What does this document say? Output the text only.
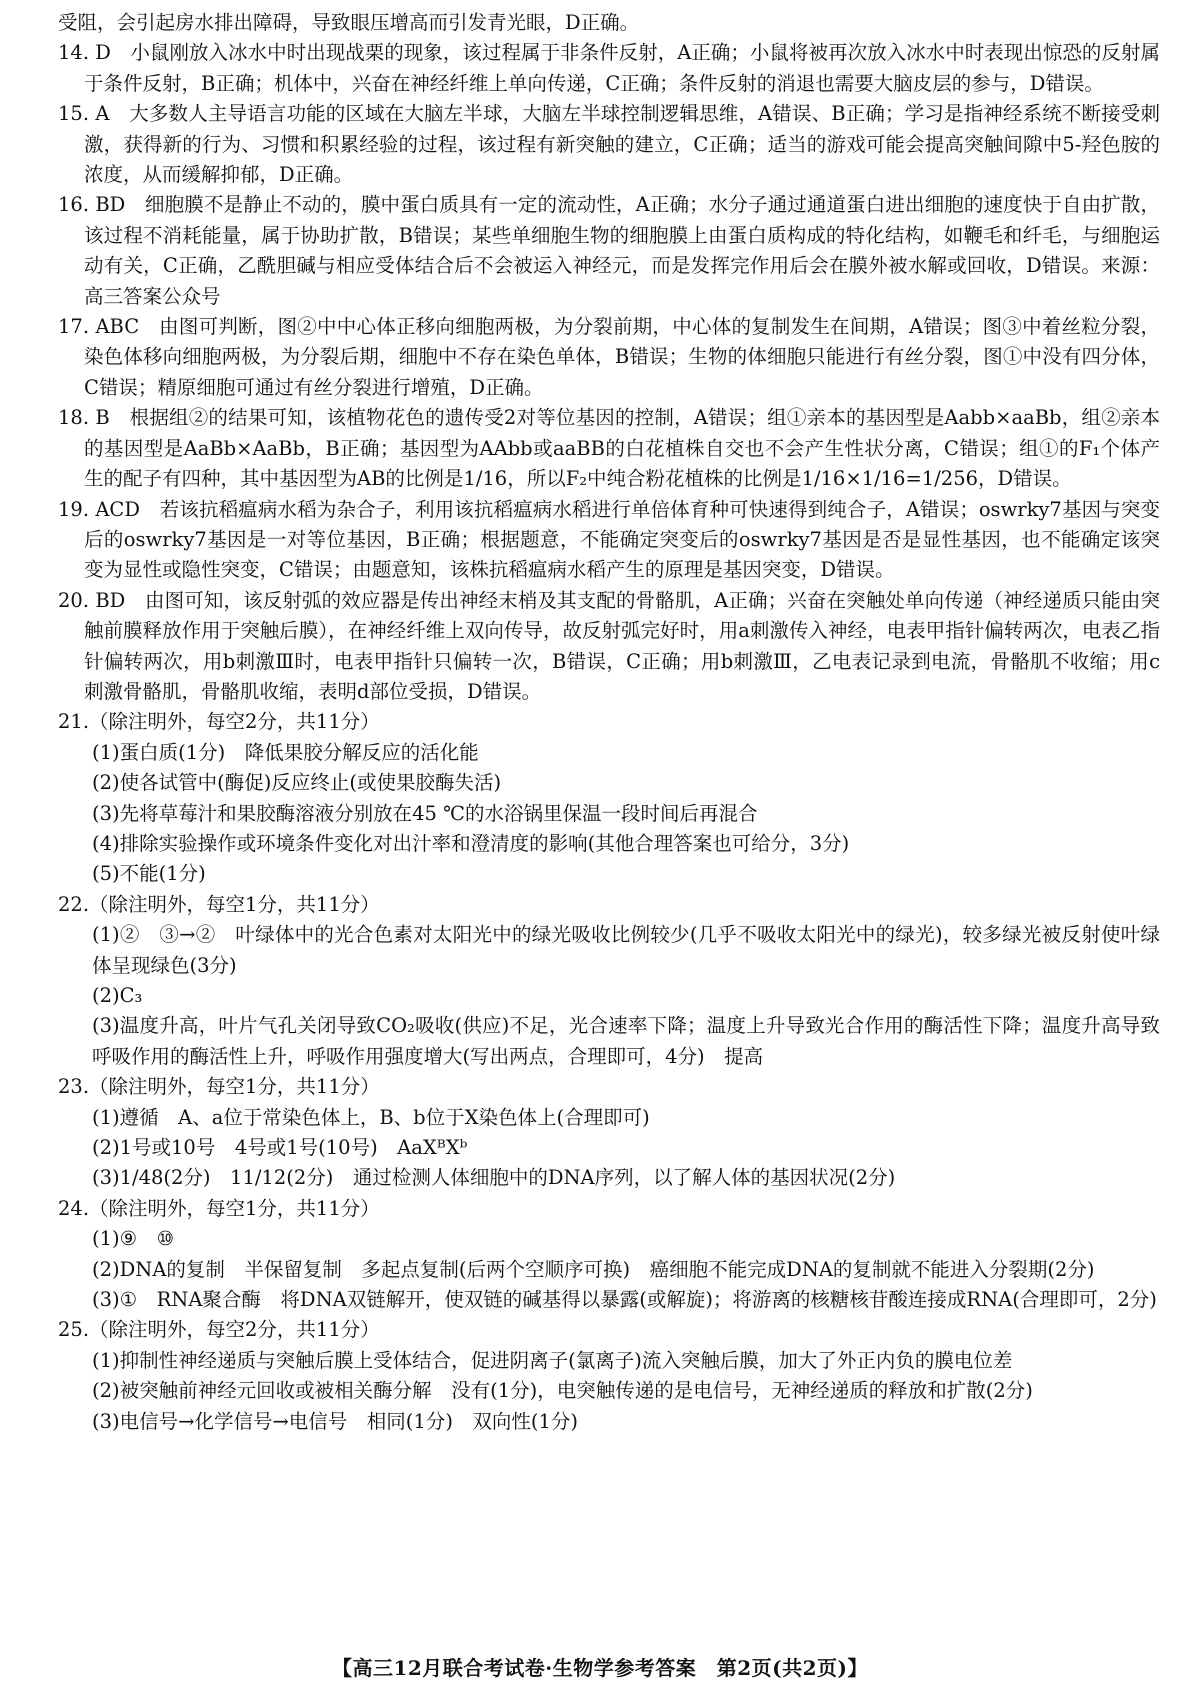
受阻，会引起房水排出障碍，导致眼压增高而引发青光眼，D正确。

14. D　小鼠刚放入冰水中时出现战栗的现象，该过程属于非条件反射，A正确；小鼠将被再次放入冰水中时表现出惊恐的反射属于条件反射，B正确；机体中，兴奋在神经纤维上单向传递，C正确；条件反射的消退也需要大脑皮层的参与，D错误。

15. A　大多数人主导语言功能的区域在大脑左半球，大脑左半球控制逻辑思维，A错误、B正确；学习是指神经系统不断接受刺激，获得新的行为、习惯和积累经验的过程，该过程有新突触的建立，C正确；适当的游戏可能会提高突触间隙中5-羟色胺的浓度，从而缓解抑郁，D正确。

16. BD　细胞膜不是静止不动的，膜中蛋白质具有一定的流动性，A正确；水分子通过通道蛋白进出细胞的速度快于自由扩散，该过程不消耗能量，属于协助扩散，B错误；某些单细胞生物的细胞膜上由蛋白质构成的特化结构，如鞭毛和纤毛，与细胞运动有关，C正确，乙酰胆碱与相应受体结合后不会被运入神经元，而是发挥完作用后会在膜外被水解或回收，D错误。来源：高三答案公众号

17. ABC　由图可判断，图②中中心体正移向细胞两极，为分裂前期，中心体的复制发生在间期，A错误；图③中着丝粒分裂，染色体移向细胞两极，为分裂后期，细胞中不存在染色单体，B错误；生物的体细胞只能进行有丝分裂，图①中没有四分体，C错误；精原细胞可通过有丝分裂进行增殖，D正确。

18. B　根据组②的结果可知，该植物花色的遗传受2对等位基因的控制，A错误；组①亲本的基因型是Aabb×aaBb，组②亲本的基因型是AaBb×AaBb，B正确；基因型为AAbb或aaBB的白花植株自交也不会产生性状分离，C错误；组①的F₁个体产生的配子有四种，其中基因型为AB的比例是1/16，所以F₂中纯合粉花植株的比例是1/16×1/16=1/256，D错误。

19. ACD　若该抗稻瘟病水稻为杂合子，利用该抗稻瘟病水稻进行单倍体育种可快速得到纯合子，A错误；oswrky7基因与突变后的oswrky7基因是一对等位基因，B正确；根据题意，不能确定突变后的oswrky7基因是否是显性基因，也不能确定该突变为显性或隐性突变，C错误；由题意知，该株抗稻瘟病水稻产生的原理是基因突变，D错误。

20. BD　由图可知，该反射弧的效应器是传出神经末梢及其支配的骨骼肌，A正确；兴奋在突触处单向传递（神经递质只能由突触前膜释放作用于突触后膜），在神经纤维上双向传导，故反射弧完好时，用a刺激传入神经，电表甲指针偏转两次，电表乙指针偏转两次，用b刺激Ⅲ时，电表甲指针只偏转一次，B错误，C正确；用b刺激Ⅲ，乙电表记录到电流，骨骼肌不收缩；用c刺激骨骼肌，骨骼肌收缩，表明d部位受损，D错误。

21.（除注明外，每空2分，共11分）

(1)蛋白质(1分)　降低果胶分解反应的活化能

(2)使各试管中(酶促)反应终止(或使果胶酶失活)

(3)先将草莓汁和果胶酶溶液分别放在45 ℃的水浴锅里保温一段时间后再混合

(4)排除实验操作或环境条件变化对出汁率和澄清度的影响(其他合理答案也可给分，3分)

(5)不能(1分)

22.（除注明外，每空1分，共11分）

(1)②　③→②　叶绿体中的光合色素对太阳光中的绿光吸收比例较少(几乎不吸收太阳光中的绿光)，较多绿光被反射使叶绿体呈现绿色(3分)

(2)C₃

(3)温度升高，叶片气孔关闭导致CO₂吸收(供应)不足，光合速率下降；温度上升导致光合作用的酶活性下降；温度升高导致呼吸作用的酶活性上升，呼吸作用强度增大(写出两点，合理即可，4分)　提高

23.（除注明外，每空1分，共11分）

(1)遵循　A、a位于常染色体上，B、b位于X染色体上(合理即可)

(2)1号或10号　4号或1号(10号)　AaXᴮXᵇ

(3)1/48(2分)　11/12(2分)　通过检测人体细胞中的DNA序列，以了解人体的基因状况(2分)

24.（除注明外，每空1分，共11分）

(1)⑨　⑩

(2)DNA的复制　半保留复制　多起点复制(后两个空顺序可换)　癌细胞不能完成DNA的复制就不能进入分裂期(2分)

(3)①　RNA聚合酶　将DNA双链解开，使双链的碱基得以暴露(或解旋)；将游离的核糖核苷酸连接成RNA(合理即可，2分)

25.（除注明外，每空2分，共11分）

(1)抑制性神经递质与突触后膜上受体结合，促进阴离子(氯离子)流入突触后膜，加大了外正内负的膜电位差

(2)被突触前神经元回收或被相关酶分解　没有(1分)，电突触传递的是电信号，无神经递质的释放和扩散(2分)

(3)电信号→化学信号→电信号　相同(1分)　双向性(1分)

【高三12月联合考试卷·生物学参考答案　第2页(共2页)】
